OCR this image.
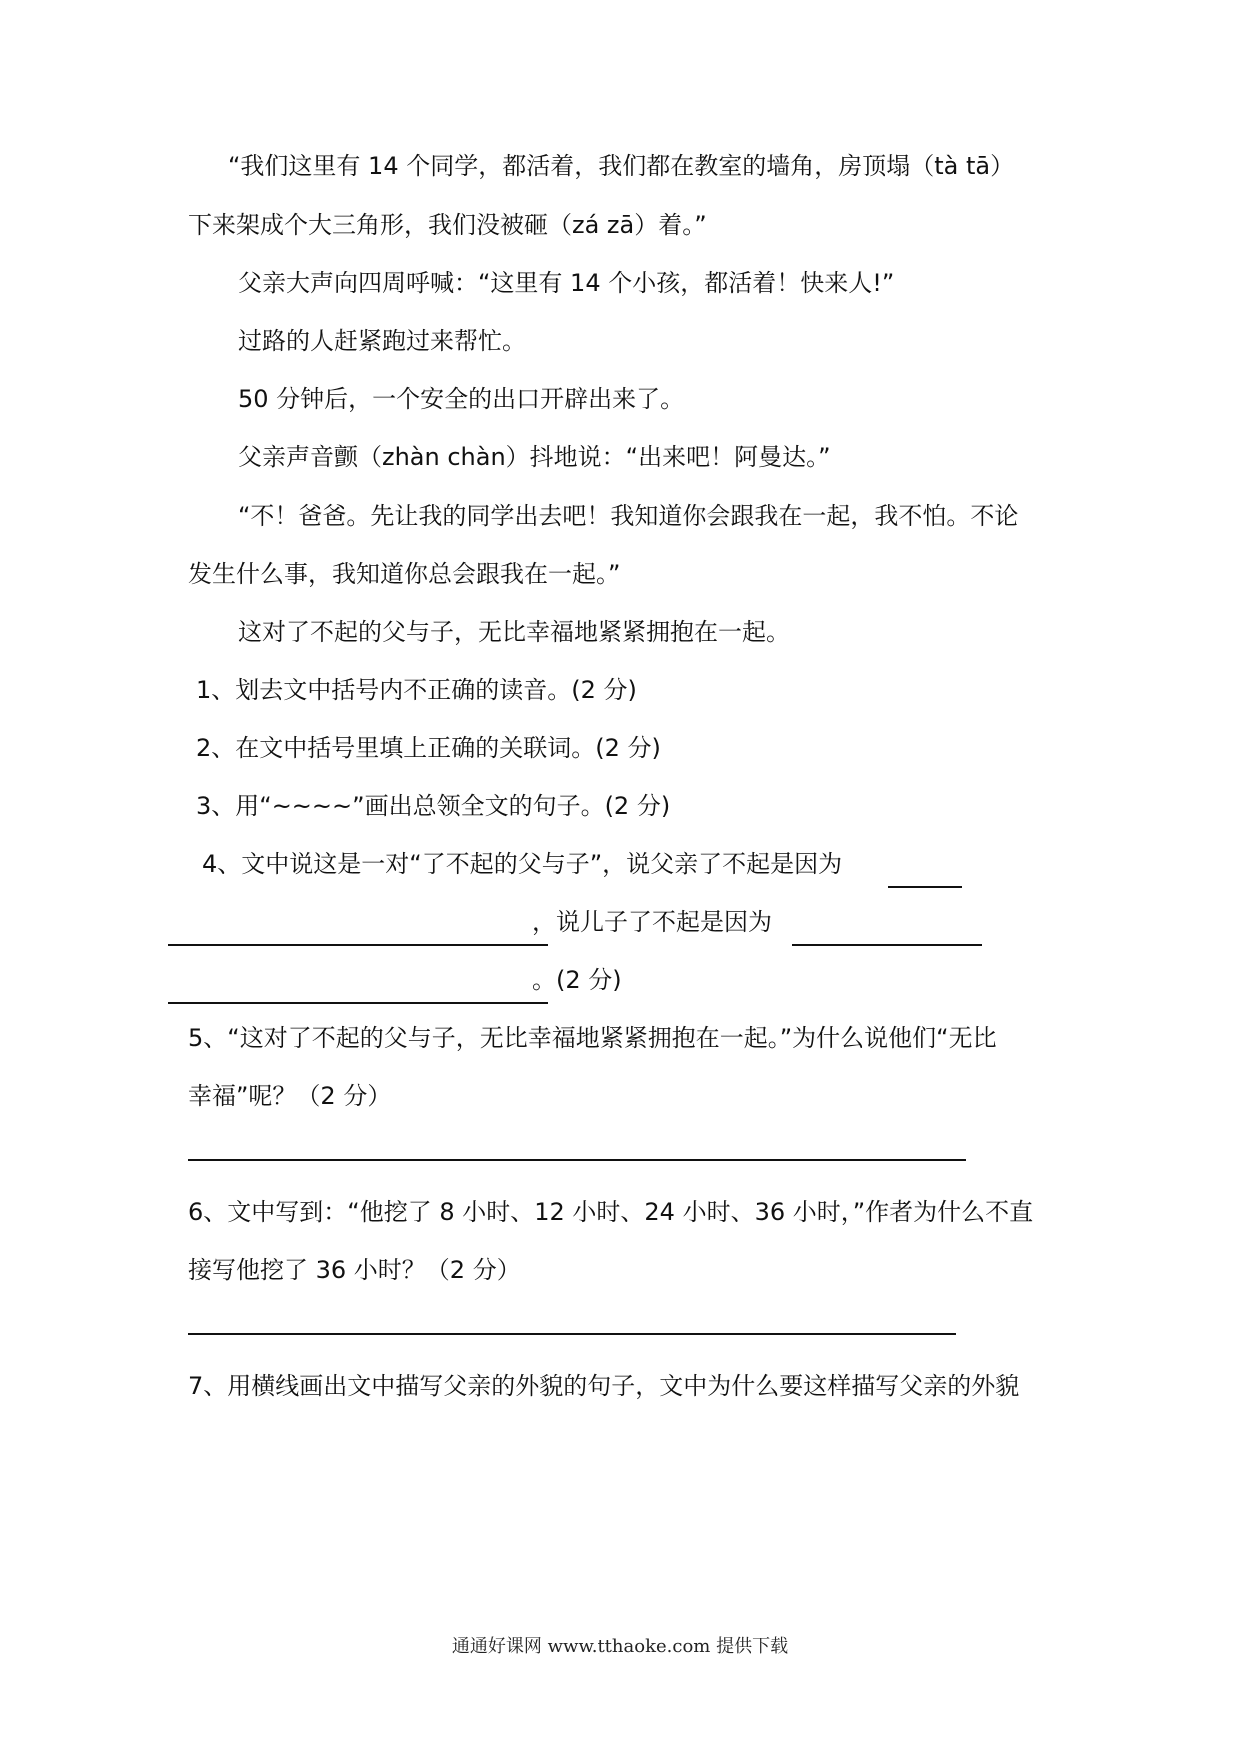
“我们这里有 14 个同学，都活着，我们都在教室的墙角，房顶塌（tà tā）
下来架成个大三角形，我们没被砸（zá zā）着。”
父亲大声向四周呼喊：“这里有 14 个小孩，都活着！快来人!”
过路的人赶紧跑过来帮忙。
50 分钟后，一个安全的出口开辟出来了。
父亲声音颤（zhàn chàn）抖地说：“出来吧！阿曼达。”
“不！爸爸。先让我的同学出去吧！我知道你会跟我在一起，我不怕。不论
发生什么事，我知道你总会跟我在一起。”
这对了不起的父与子，无比幸福地紧紧拥抱在一起。
1、划去文中括号内不正确的读音。(2 分)
2、在文中括号里填上正确的关联词。(2 分)
3、用“~~~~”画出总领全文的句子。(2 分)
4、文中说这是一对“了不起的父与子”，说父亲了不起是因为
，说儿子了不起是因为
。(2 分)
5、“这对了不起的父与子，无比幸福地紧紧拥抱在一起。”为什么说他们“无比
幸福”呢？（2 分）
6、文中写到：“他挖了 8 小时、12 小时、24 小时、36 小时，”作者为什么不直
接写他挖了 36 小时？（2 分）
7、用横线画出文中描写父亲的外貌的句子，文中为什么要这样描写父亲的外貌
通通好课网 www.tthaoke.com 提供下载
